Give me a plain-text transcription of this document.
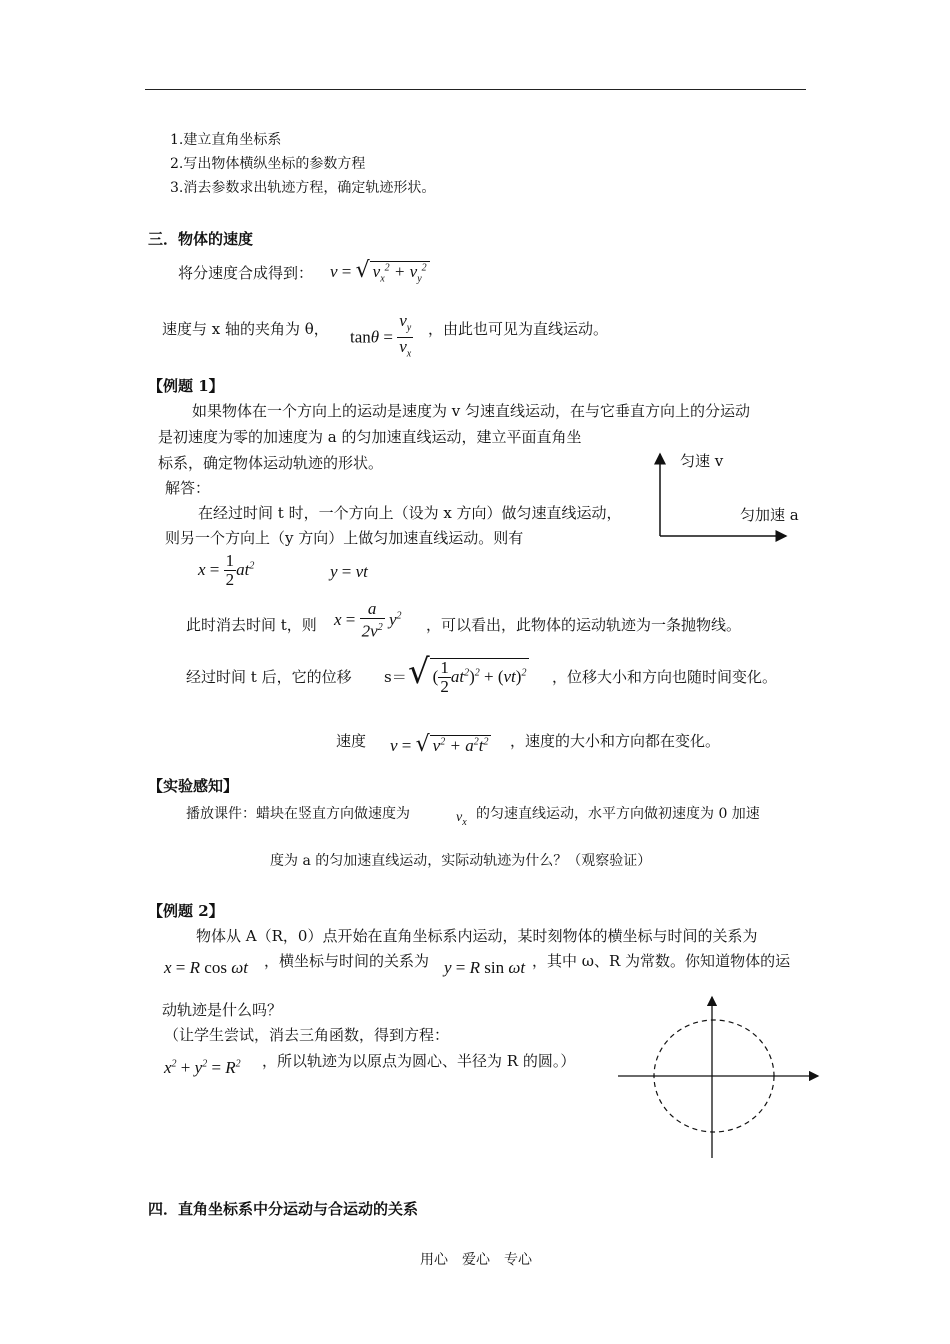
1.建立直角坐标系
2.写出物体横纵坐标的参数方程
3.消去参数求出轨迹方程，确定轨迹形状。
三．物体的速度
将分速度合成得到： v = √ $v_x^2 + v_y^2$
速度与 x 轴的夹角为 θ， $\tan\theta = \frac{v_y}{v_x}$ ，由此也可见为直线运动。
【例题 1】
如果物体在一个方向上的运动是速度为 v 匀速直线运动，在与它垂直方向上的分运动
是初速度为零的加速度为 a 的匀加速直线运动，建立平面直角坐
标系，确定物体运动轨迹的形状。
解答：
在经过时间 t 时，一个方向上（设为 x 方向）做匀速直线运动，
则另一个方向上（y 方向）上做匀加速直线运动。则有
匀速 v
匀加速 a
$x = \frac{1}{2} at^2$	y = vt
此时消去时间 t，则 $x = \frac{a}{2v^2} y^2$ ，可以看出，此物体的运动轨迹为一条抛物线。
经过时间 t 后，它的位移 s＝ √ ( $\frac{1}{2} at^2)^2 + (vt)^2$ ，位移大小和方向也随时间变化。
速度 v = √ $v^2 + a^2t^2$ ，速度的大小和方向都在变化。
【实验感知】
播放课件：蜡块在竖直方向做速度为	$v_x$
的匀速直线运动，水平方向做初速度为 0 加速
度为 a 的匀加速直线运动，实际动轨迹为什么？（观察验证）
【例题 2】
物体从 A（R，0）点开始在直角坐标系内运动，某时刻物体的横坐标与时间的关系为
x = R cos ωt ，横坐标与时间的关系为 y = R sin ωt ，其中 ω、R 为常数。你知道物体的运
动轨迹是什么吗？
（让学生尝试，消去三角函数，得到方程：
$x^2 + y^2 = R^2$ ，所以轨迹为以原点为圆心、半径为 R 的圆。）
四．直角坐标系中分运动与合运动的关系
用心　爱心　专心
